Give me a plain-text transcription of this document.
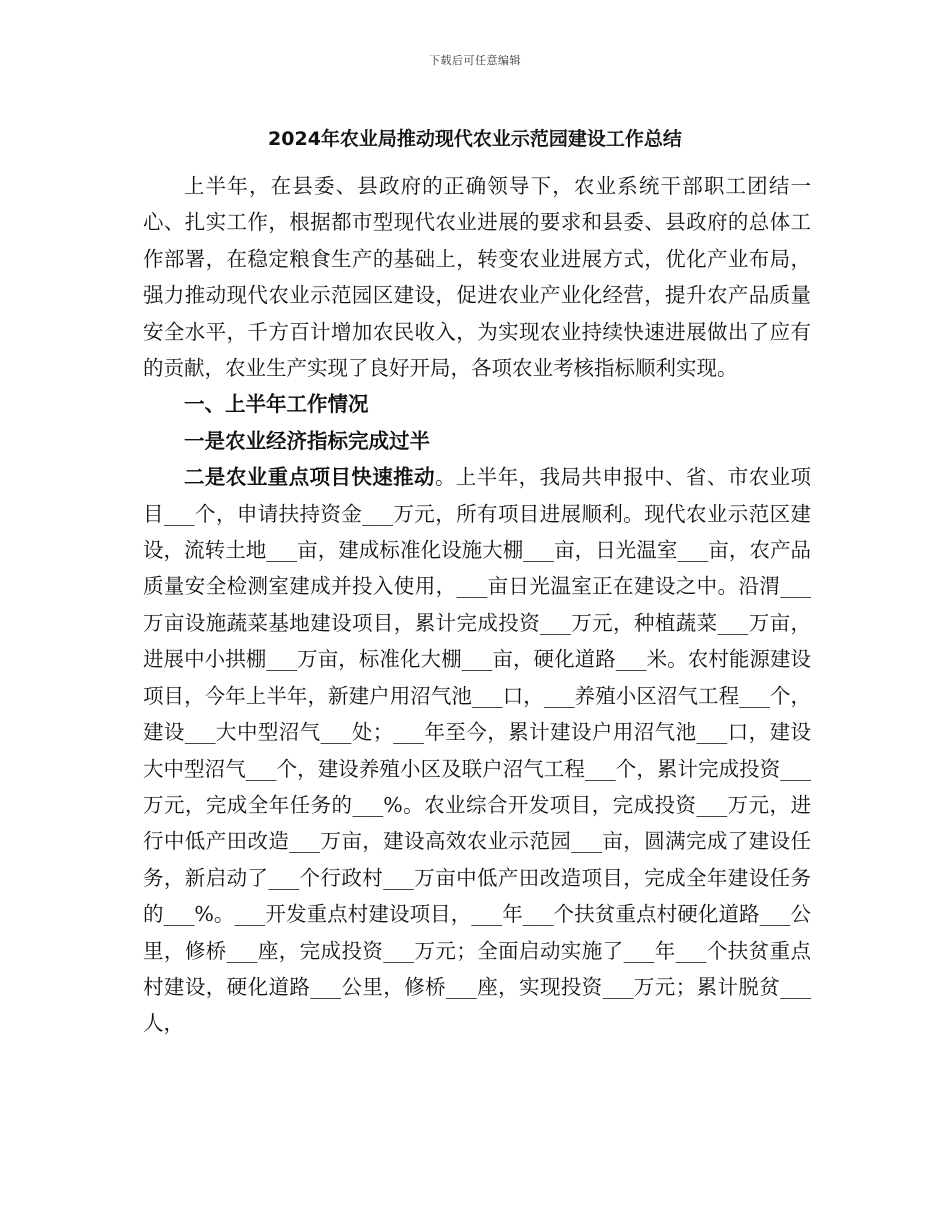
下载后可任意编辑
2024年农业局推动现代农业示范园建设工作总结

上半年，在县委、县政府的正确领导下，农业系统干部职工团结一心、扎实工作，根据都市型现代农业进展的要求和县委、县政府的总体工作部署，在稳定粮食生产的基础上，转变农业进展方式，优化产业布局，强力推动现代农业示范园区建设，促进农业产业化经营，提升农产品质量安全水平，千方百计增加农民收入，为实现农业持续快速进展做出了应有的贡献，农业生产实现了良好开局，各项农业考核指标顺利实现。

一、上半年工作情况

一是农业经济指标完成过半

二是农业重点项目快速推动。上半年，我局共申报中、省、市农业项目___个，申请扶持资金___万元，所有项目进展顺利。现代农业示范区建设，流转土地___亩，建成标准化设施大棚___亩，日光温室___亩，农产品质量安全检测室建成并投入使用，___亩日光温室正在建设之中。沿渭___万亩设施蔬菜基地建设项目，累计完成投资___万元，种植蔬菜___万亩，进展中小拱棚___万亩，标准化大棚___亩，硬化道路___米。农村能源建设项目，今年上半年，新建户用沼气池___口，___养殖小区沼气工程___个，建设___大中型沼气___处；___年至今，累计建设户用沼气池___口，建设大中型沼气___个，建设养殖小区及联户沼气工程___个，累计完成投资___万元，完成全年任务的___%。农业综合开发项目，完成投资___万元，进行中低产田改造___万亩，建设高效农业示范园___亩，圆满完成了建设任务，新启动了___个行政村___万亩中低产田改造项目，完成全年建设任务的___%。___开发重点村建设项目，___年___个扶贫重点村硬化道路___公里，修桥___座，完成投资___万元；全面启动实施了___年___个扶贫重点村建设，硬化道路___公里，修桥___座，实现投资___万元；累计脱贫___人，
